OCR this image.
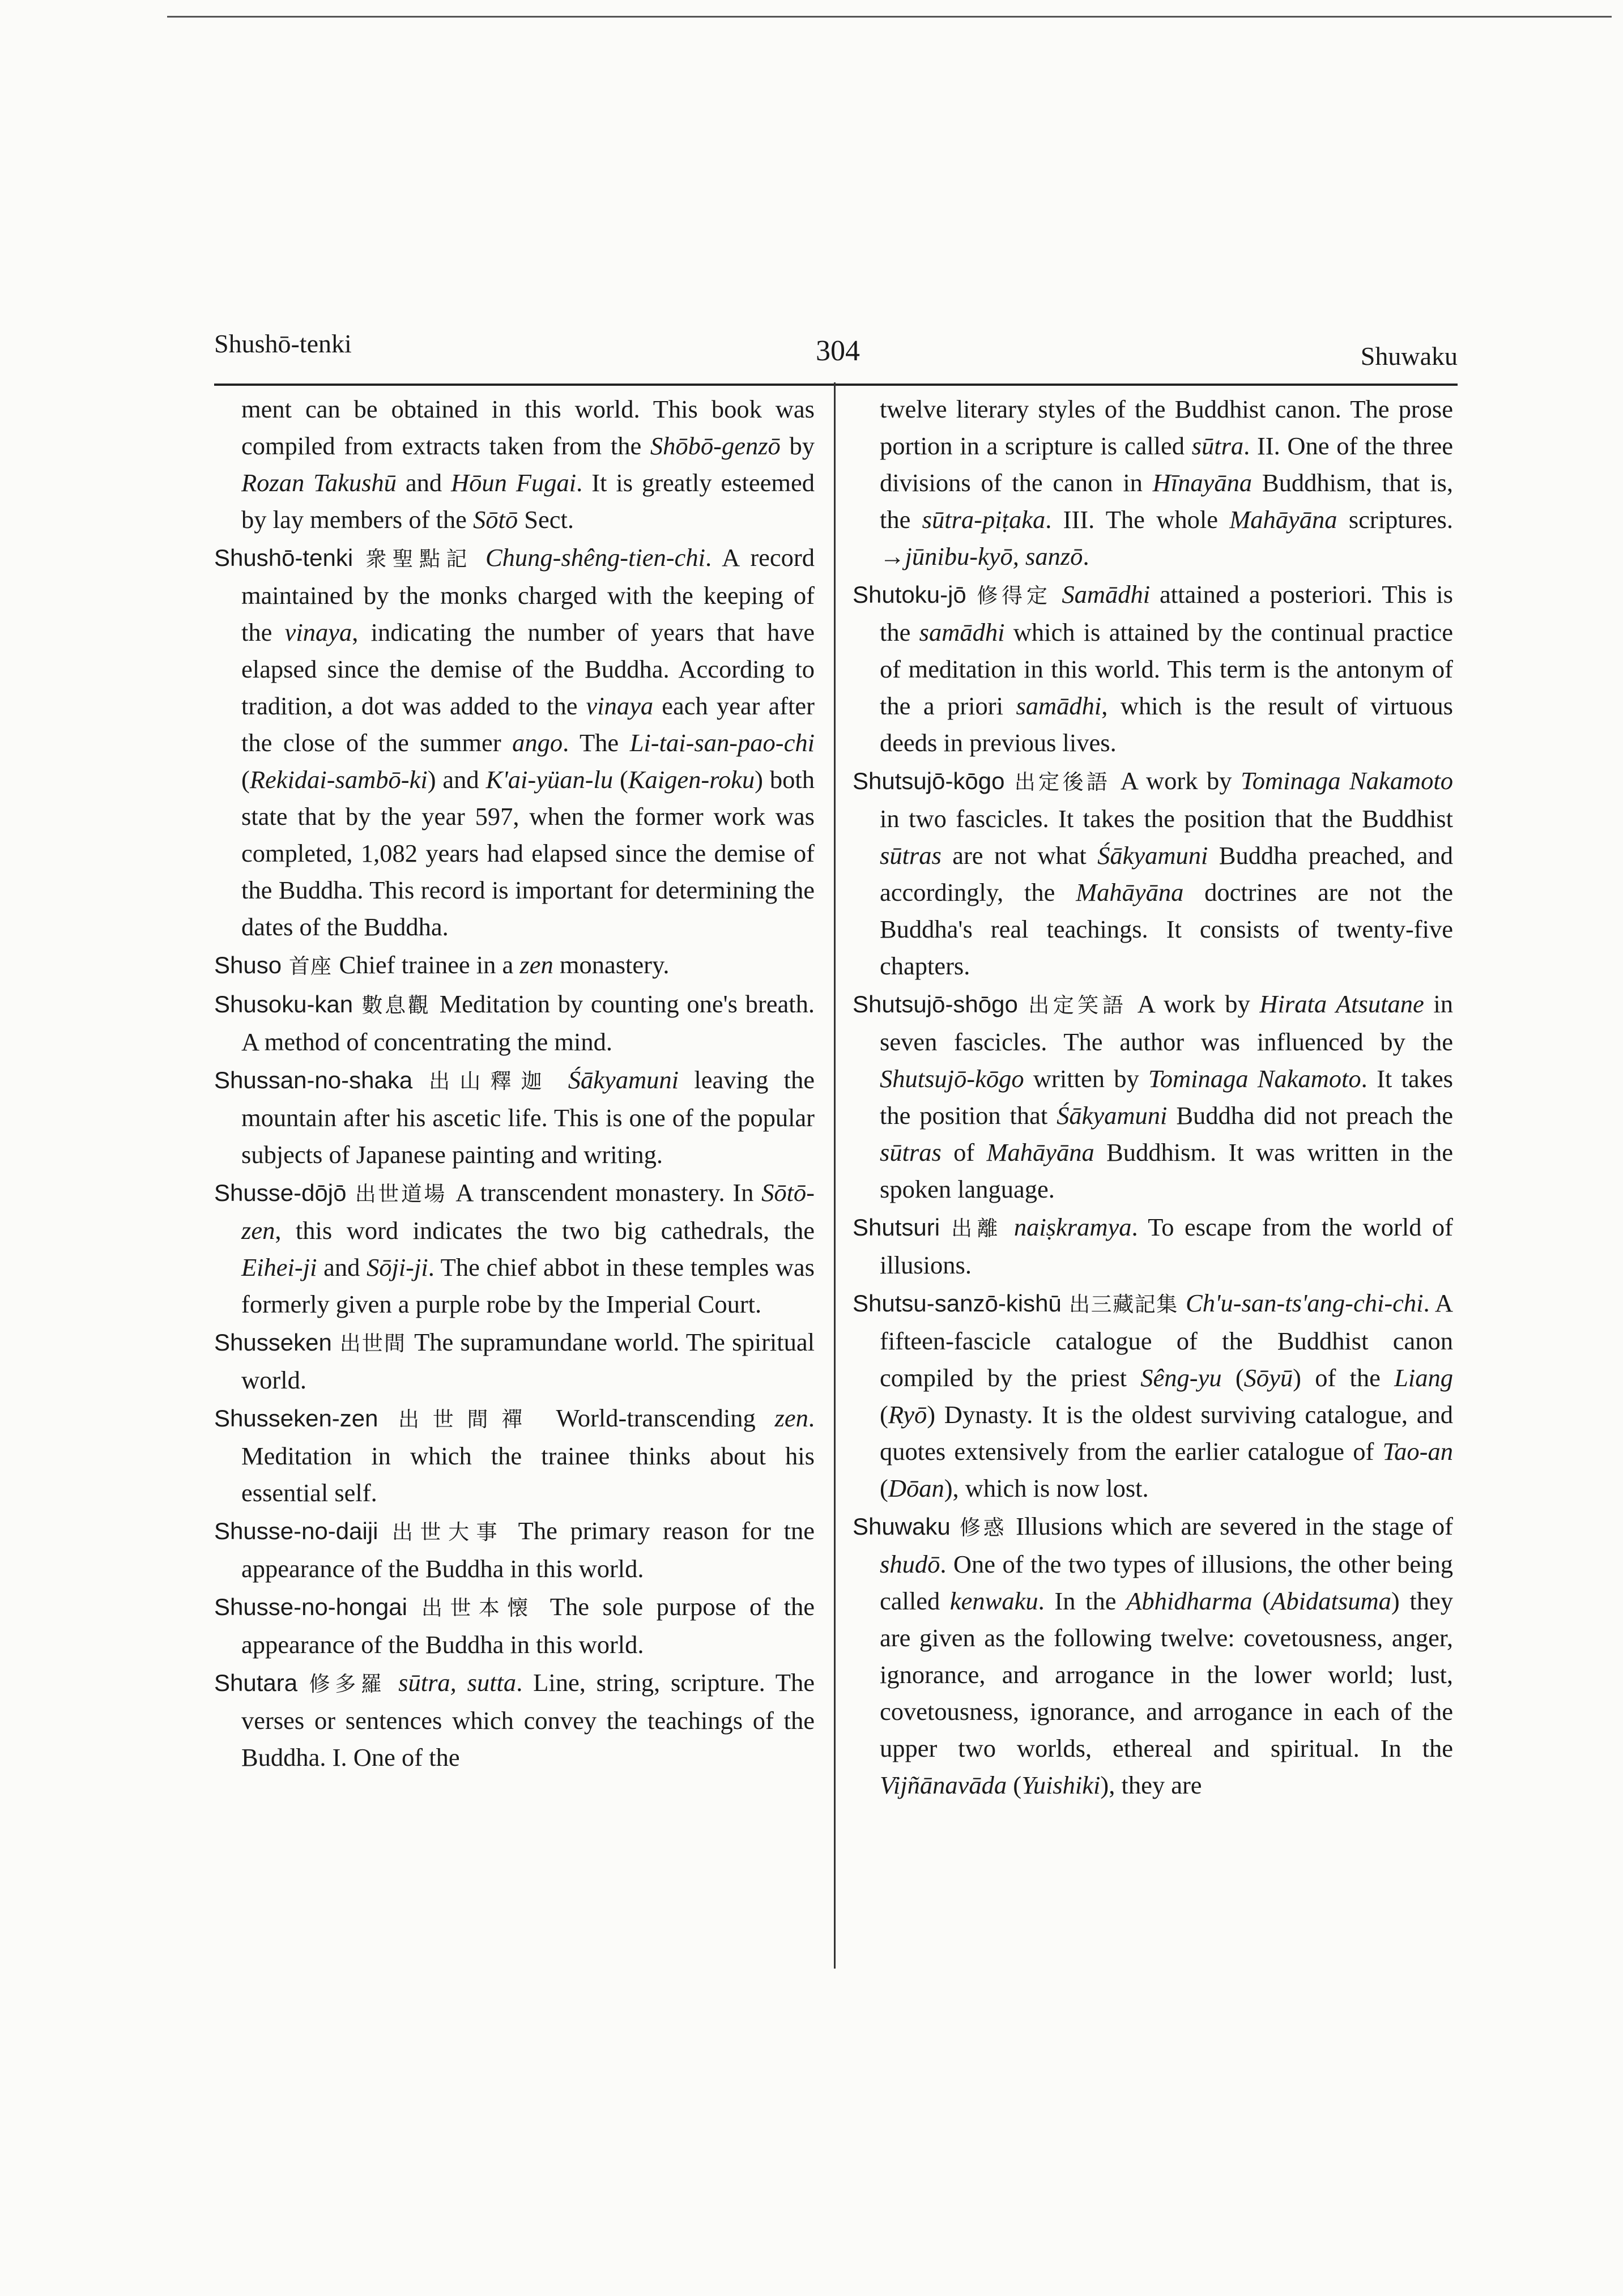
Shushō-tenki	304	Shuwaku

ment can be obtained in this world. This book was compiled from extracts taken from the Shōbō-genzō by Rozan Takushū and Hōun Fugai. It is greatly esteemed by lay members of the Sōtō Sect.

Shushō-tenki 衆聖點記 Chung-shêng-tien-chi. A record maintained by the monks charged with the keeping of the vinaya, indicating the number of years that have elapsed since the demise of the Buddha. According to tradition, a dot was added to the vinaya each year after the close of the summer ango. The Li-tai-san-pao-chi (Rekidai-sambō-ki) and K'ai-yüan-lu (Kaigen-roku) both state that by the year 597, when the former work was completed, 1,082 years had elapsed since the demise of the Buddha. This record is important for determining the dates of the Buddha.

Shuso 首座 Chief trainee in a zen monastery.

Shusoku-kan 數息觀 Meditation by counting one's breath. A method of concentrating the mind.

Shussan-no-shaka 出山釋迦 Śākyamuni leaving the mountain after his ascetic life. This is one of the popular subjects of Japanese painting and writing.

Shusse-dōjō 出世道場 A transcendent monastery. In Sōtō-zen, this word indicates the two big cathedrals, the Eihei-ji and Sōji-ji. The chief abbot in these temples was formerly given a purple robe by the Imperial Court.

Shusseken 出世間 The supramundane world. The spiritual world.

Shusseken-zen 出世間禪 World-transcending zen. Meditation in which the trainee thinks about his essential self.

Shusse-no-daiji 出世大事 The primary reason for tne appearance of the Buddha in this world.

Shusse-no-hongai 出世本懐 The sole purpose of the appearance of the Buddha in this world.

Shutara 修多羅 sūtra, sutta. Line, string, scripture. The verses or sentences which convey the teachings of the Buddha. I. One of the

twelve literary styles of the Buddhist canon. The prose portion in a scripture is called sūtra. II. One of the three divisions of the canon in Hīnayāna Buddhism, that is, the sūtra-piṭaka. III. The whole Mahāyāna scriptures. →jūnibu-kyō, sanzō.

Shutoku-jō 修得定 Samādhi attained a posteriori. This is the samādhi which is attained by the continual practice of meditation in this world. This term is the antonym of the a priori samādhi, which is the result of virtuous deeds in previous lives.

Shutsujō-kōgo 出定後語 A work by Tominaga Nakamoto in two fascicles. It takes the position that the Buddhist sūtras are not what Śākyamuni Buddha preached, and accordingly, the Mahāyāna doctrines are not the Buddha's real teachings. It consists of twenty-five chapters.

Shutsujō-shōgo 出定笑語 A work by Hirata Atsutane in seven fascicles. The author was influenced by the Shutsujō-kōgo written by Tominaga Nakamoto. It takes the position that Śākyamuni Buddha did not preach the sūtras of Mahāyāna Buddhism. It was written in the spoken language.

Shutsuri 出離 naiṣkramya. To escape from the world of illusions.

Shutsu-sanzō-kishū 出三藏記集 Ch'u-san-ts'ang-chi-chi. A fifteen-fascicle catalogue of the Buddhist canon compiled by the priest Sêng-yu (Sōyū) of the Liang (Ryō) Dynasty. It is the oldest surviving catalogue, and quotes extensively from the earlier catalogue of Tao-an (Dōan), which is now lost.

Shuwaku 修惑 Illusions which are severed in the stage of shudō. One of the two types of illusions, the other being called kenwaku. In the Abhidharma (Abidatsuma) they are given as the following twelve: covetousness, anger, ignorance, and arrogance in the lower world; lust, covetousness, ignorance, and arrogance in each of the upper two worlds, ethereal and spiritual. In the Vijñānavāda (Yuishiki), they are
